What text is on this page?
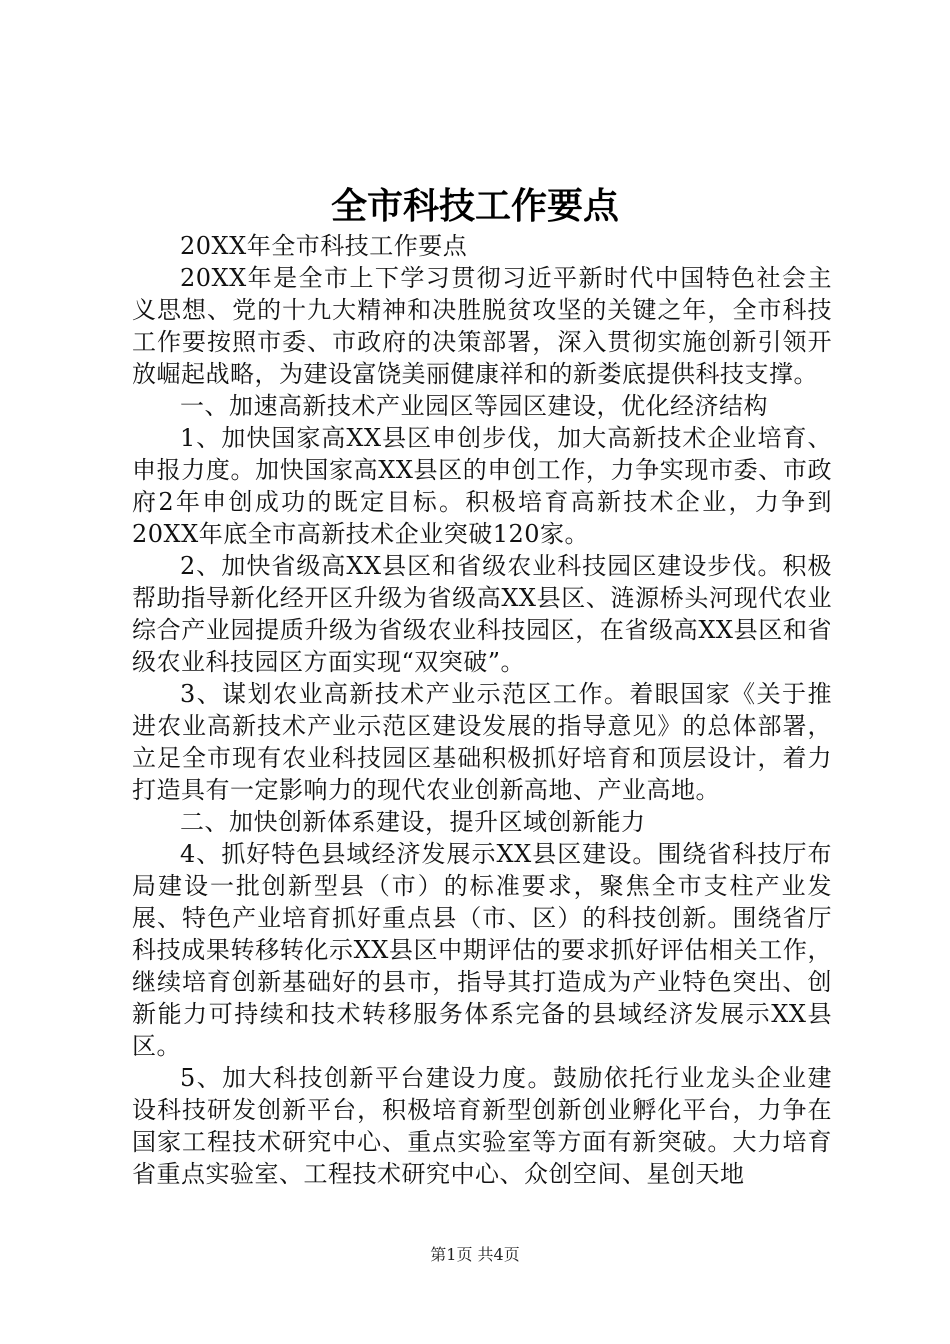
全市科技工作要点

20XX年全市科技工作要点

20XX年是全市上下学习贯彻习近平新时代中国特色社会主义思想、党的十九大精神和决胜脱贫攻坚的关键之年，全市科技工作要按照市委、市政府的决策部署，深入贯彻实施创新引领开放崛起战略，为建设富饶美丽健康祥和的新娄底提供科技支撑。

一、加速高新技术产业园区等园区建设，优化经济结构

1、加快国家高XX县区申创步伐，加大高新技术企业培育、申报力度。加快国家高XX县区的申创工作，力争实现市委、市政府2年申创成功的既定目标。积极培育高新技术企业，力争到20XX年底全市高新技术企业突破120家。

2、加快省级高XX县区和省级农业科技园区建设步伐。积极帮助指导新化经开区升级为省级高XX县区、涟源桥头河现代农业综合产业园提质升级为省级农业科技园区，在省级高XX县区和省级农业科技园区方面实现“双突破”。

3、谋划农业高新技术产业示范区工作。着眼国家《关于推进农业高新技术产业示范区建设发展的指导意见》的总体部署，立足全市现有农业科技园区基础积极抓好培育和顶层设计，着力打造具有一定影响力的现代农业创新高地、产业高地。

二、加快创新体系建设，提升区域创新能力

4、抓好特色县域经济发展示XX县区建设。围绕省科技厅布局建设一批创新型县（市）的标准要求，聚焦全市支柱产业发展、特色产业培育抓好重点县（市、区）的科技创新。围绕省厅科技成果转移转化示XX县区中期评估的要求抓好评估相关工作，继续培育创新基础好的县市，指导其打造成为产业特色突出、创新能力可持续和技术转移服务体系完备的县域经济发展示XX县区。

5、加大科技创新平台建设力度。鼓励依托行业龙头企业建设科技研发创新平台，积极培育新型创新创业孵化平台，力争在国家工程技术研究中心、重点实验室等方面有新突破。大力培育省重点实验室、工程技术研究中心、众创空间、星创天地

第1页 共4页
